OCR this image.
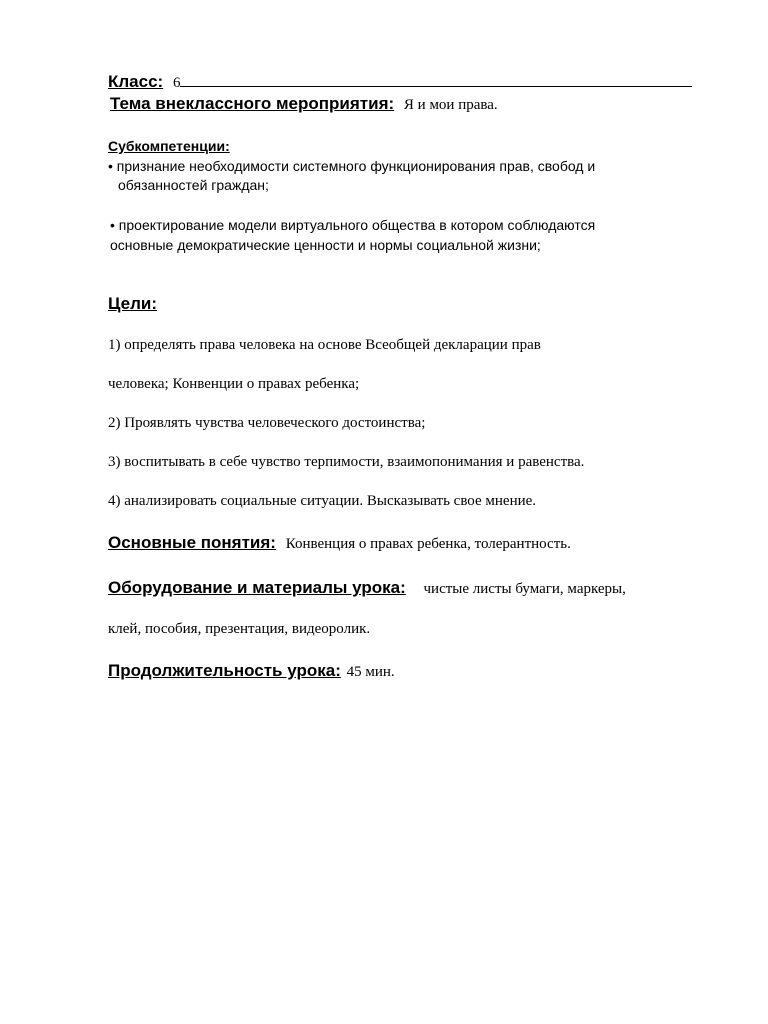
Класс: 6
Тема внеклассного мероприятия: Я и мои права.
Субкомпетенции:
• признание необходимости системного функционирования прав, свобод и
обязанностей граждан;
• проектирование модели виртуального общества в котором соблюдаются
основные демократические ценности и нормы социальной жизни;
Цели:
1) определять права человека на основе Всеобщей декларации прав
человека; Конвенции о правах ребенка;
2) Проявлять чувства человеческого достоинства;
3) воспитывать в себе чувство терпимости, взаимопонимания и равенства.
4) анализировать социальные ситуации. Высказывать свое мнение.
Основные понятия: Конвенция о правах ребенка, толерантность.
Оборудование и материалы урока: чистые листы бумаги, маркеры,
клей, пособия, презентация, видеоролик.
Продолжительность урока: 45 мин.
